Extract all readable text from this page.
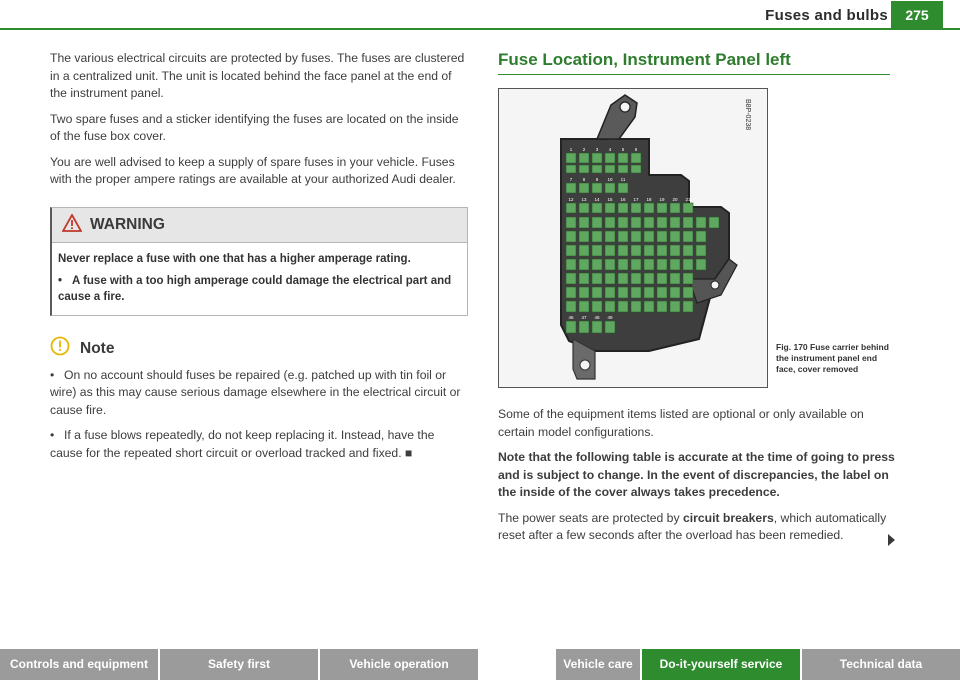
Fuses and bulbs	275

The various electrical circuits are protected by fuses. The fuses are clustered in a centralized unit. The unit is located behind the face panel at the end of the instrument panel.

Two spare fuses and a sticker identifying the fuses are located on the inside of the fuse box cover.

You are well advised to keep a supply of spare fuses in your vehicle. Fuses with the proper ampere ratings are available at your authorized Audi dealer.

WARNING

Never replace a fuse with one that has a higher amperage rating.

• A fuse with a too high amperage could damage the electrical part and cause a fire.

Note

• On no account should fuses be repaired (e.g. patched up with tin foil or wire) as this may cause serious damage elsewhere in the electrical circuit or cause fire.

• If a fuse blows repeatedly, do not keep replacing it. Instead, have the cause for the repeated short circuit or overload tracked and fixed. ■

Fuse Location, Instrument Panel left
1 2 3 4 5 6
7 8 9 10 11
12 13 14 15 16 17 18 19 20 21
46 47 48 49
B8P-0238
Fig. 170 Fuse carrier behind the instrument panel end face, cover removed

Some of the equipment items listed are optional or only available on certain model configurations.

Note that the following table is accurate at the time of going to press and is subject to change. In the event of discrepancies, the label on the inside of the cover always takes precedence.

The power seats are protected by circuit breakers, which automatically reset after a few seconds after the overload has been remedied.

Controls and equipment	Safety first	Vehicle operation	Vehicle care	Do-it-yourself service	Technical data
